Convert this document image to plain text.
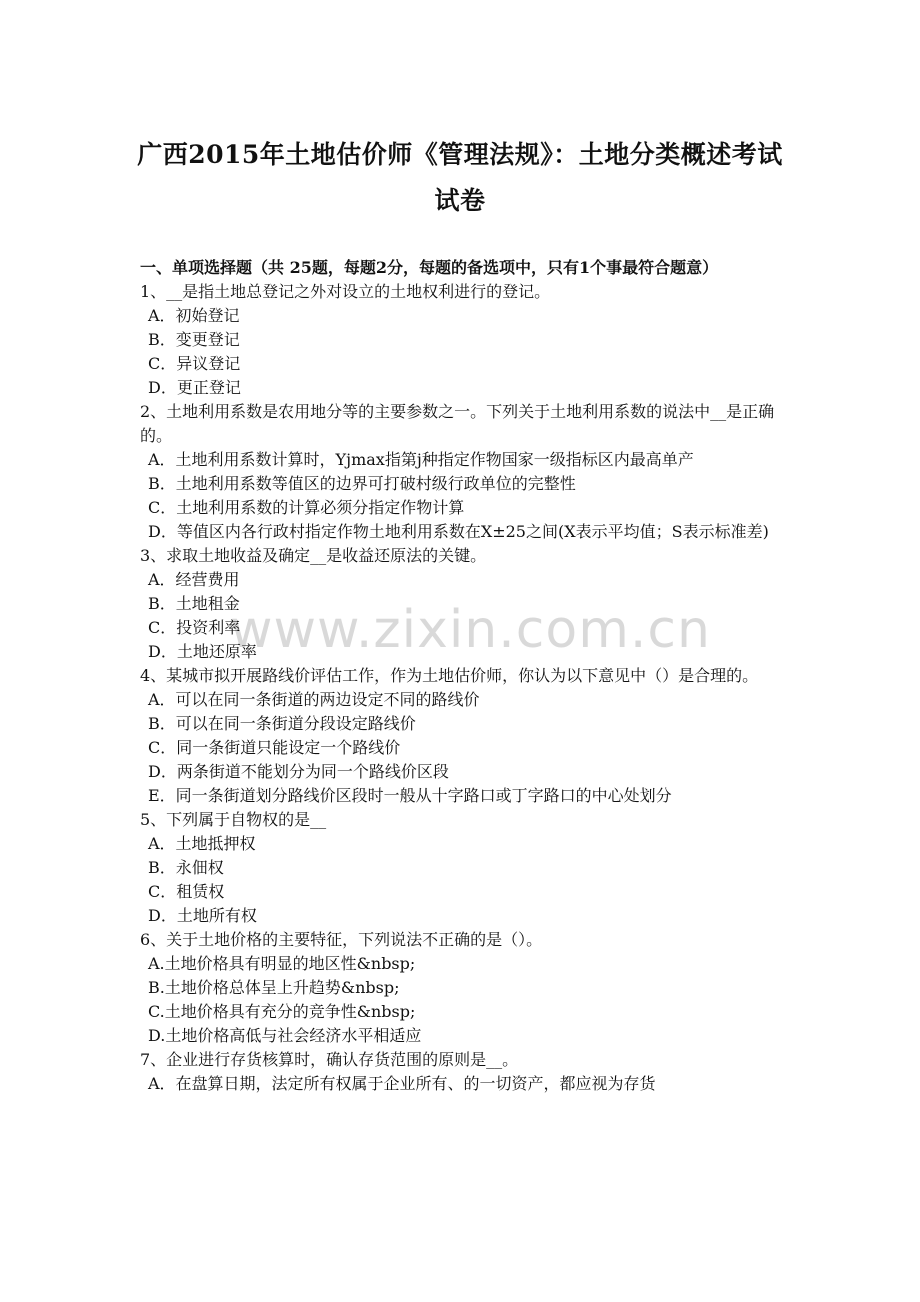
广西2015年土地估价师《管理法规》：土地分类概述考试
试卷
www.zixin.com.cn
一、单项选择题（共 25题，每题2分，每题的备选项中，只有1个事最符合题意）
1、__是指土地总登记之外对设立的土地权利进行的登记。
A．初始登记
B．变更登记
C．异议登记
D．更正登记
2、土地利用系数是农用地分等的主要参数之一。下列关于土地利用系数的说法中__是正确的。
A．土地利用系数计算时，Yjmax指第j种指定作物国家一级指标区内最高单产
B．土地利用系数等值区的边界可打破村级行政单位的完整性
C．土地利用系数的计算必须分指定作物计算
D．等值区内各行政村指定作物土地利用系数在X±25之间(X表示平均值；S表示标准差)
3、求取土地收益及确定__是收益还原法的关键。
A．经营费用
B．土地租金
C．投资利率
D．土地还原率
4、某城市拟开展路线价评估工作，作为土地估价师，你认为以下意见中（）是合理的。
A．可以在同一条街道的两边设定不同的路线价
B．可以在同一条街道分段设定路线价
C．同一条街道只能设定一个路线价
D．两条街道不能划分为同一个路线价区段
E．同一条街道划分路线价区段时一般从十字路口或丁字路口的中心处划分
5、下列属于自物权的是__
A．土地抵押权
B．永佃权
C．租赁权
D．土地所有权
6、关于土地价格的主要特征，下列说法不正确的是（）。
A.土地价格具有明显的地区性&nbsp;
B.土地价格总体呈上升趋势&nbsp;
C.土地价格具有充分的竞争性&nbsp;
D.土地价格高低与社会经济水平相适应
7、企业进行存货核算时，确认存货范围的原则是__。
A．在盘算日期，法定所有权属于企业所有、的一切资产，都应视为存货
